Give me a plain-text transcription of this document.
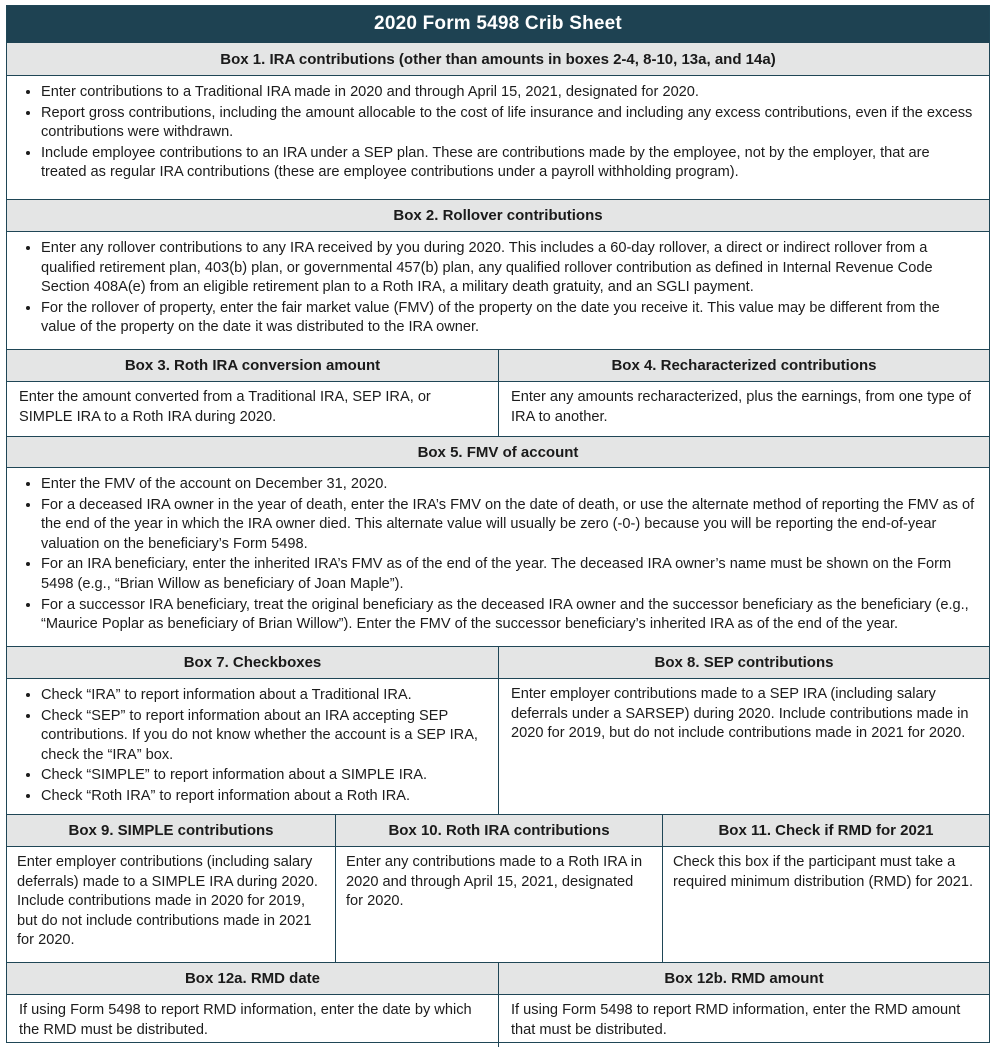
2020 Form 5498 Crib Sheet
Box 1. IRA contributions (other than amounts in boxes 2-4, 8-10, 13a, and 14a)
• Enter contributions to a Traditional IRA made in 2020 and through April 15, 2021, designated for 2020.
• Report gross contributions, including the amount allocable to the cost of life insurance and including any excess contributions, even if the excess contributions were withdrawn.
• Include employee contributions to an IRA under a SEP plan. These are contributions made by the employee, not by the employer, that are treated as regular IRA contributions (these are employee contributions under a payroll withholding program).
Box 2. Rollover contributions
• Enter any rollover contributions to any IRA received by you during 2020. This includes a 60-day rollover, a direct or indirect rollover from a qualified retirement plan, 403(b) plan, or governmental 457(b) plan, any qualified rollover contribution as defined in Internal Revenue Code Section 408A(e) from an eligible retirement plan to a Roth IRA, a military death gratuity, and an SGLI payment.
• For the rollover of property, enter the fair market value (FMV) of the property on the date you receive it. This value may be different from the value of the property on the date it was distributed to the IRA owner.
Box 3. Roth IRA conversion amount
Enter the amount converted from a Traditional IRA, SEP IRA, or SIMPLE IRA to a Roth IRA during 2020.
Box 4. Recharacterized contributions
Enter any amounts recharacterized, plus the earnings, from one type of IRA to another.
Box 5. FMV of account
• Enter the FMV of the account on December 31, 2020.
• For a deceased IRA owner in the year of death, enter the IRA’s FMV on the date of death, or use the alternate method of reporting the FMV as of the end of the year in which the IRA owner died. This alternate value will usually be zero (-0-) because you will be reporting the end-of-year valuation on the beneficiary’s Form 5498.
• For an IRA beneficiary, enter the inherited IRA’s FMV as of the end of the year. The deceased IRA owner’s name must be shown on the Form 5498 (e.g., “Brian Willow as beneficiary of Joan Maple”).
• For a successor IRA beneficiary, treat the original beneficiary as the deceased IRA owner and the successor beneficiary as the beneficiary (e.g., “Maurice Poplar as beneficiary of Brian Willow”). Enter the FMV of the successor beneficiary’s inherited IRA as of the end of the year.
Box 7. Checkboxes
• Check “IRA” to report information about a Traditional IRA.
• Check “SEP” to report information about an IRA accepting SEP contributions. If you do not know whether the account is a SEP IRA, check the “IRA” box.
• Check “SIMPLE” to report information about a SIMPLE IRA.
• Check “Roth IRA” to report information about a Roth IRA.
Box 8. SEP contributions
Enter employer contributions made to a SEP IRA (including salary deferrals under a SARSEP) during 2020. Include contributions made in 2020 for 2019, but do not include contributions made in 2021 for 2020.
Box 9. SIMPLE contributions
Enter employer contributions (including salary deferrals) made to a SIMPLE IRA during 2020. Include contributions made in 2020 for 2019, but do not include contributions made in 2021 for 2020.
Box 10. Roth IRA contributions
Enter any contributions made to a Roth IRA in 2020 and through April 15, 2021, designated for 2020.
Box 11. Check if RMD for 2021
Check this box if the participant must take a required minimum distribution (RMD) for 2021.
Box 12a. RMD date
If using Form 5498 to report RMD information, enter the date by which the RMD must be distributed.
Box 12b. RMD amount
If using Form 5498 to report RMD information, enter the RMD amount that must be distributed.
